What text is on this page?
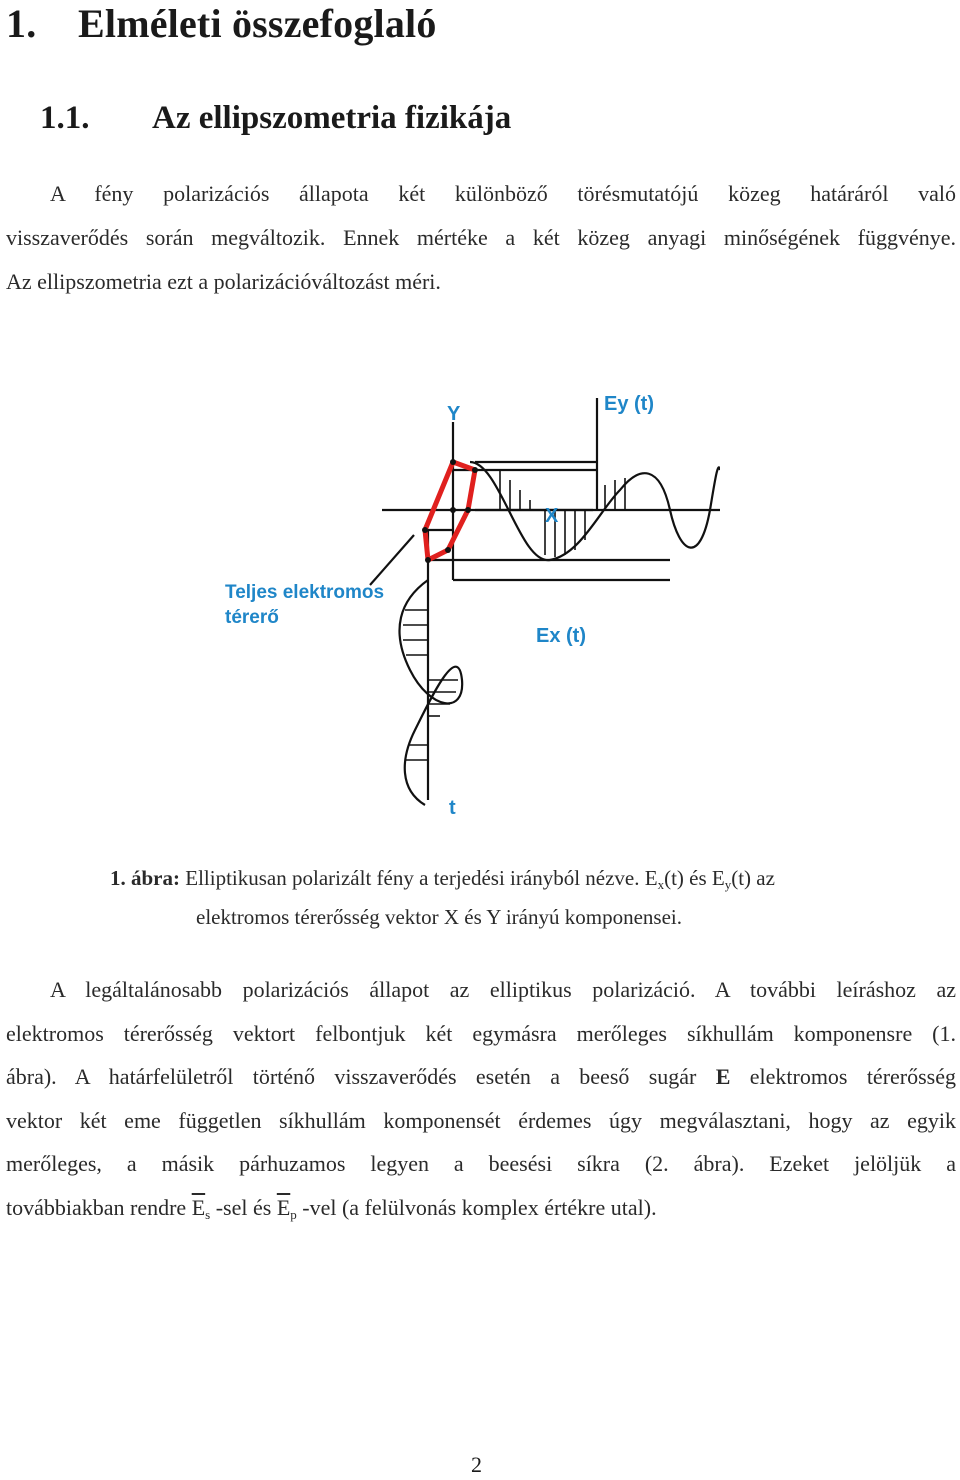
1. Elméleti összefoglaló
1.1. Az ellipszometria fizikája

A fény polarizációs állapota két különböző törésmutatójú közeg határáról való
visszaverődés során megváltozik. Ennek mértéke a két közeg anyagi minőségének függvénye.
Az ellipszometria ezt a polarizációváltozást méri.

Y	Ey (t)
X
Teljes elektromos
térerő
Ex (t)
t

1. ábra: Elliptikusan polarizált fény a terjedési irányból nézve. $E_x(t)$ és $E_y(t)$ az
elektromos térerősség vektor X és Y irányú komponensei.

A legáltalánosabb polarizációs állapot az elliptikus polarizáció. A további leíráshoz az
elektromos térerősség vektort felbontjuk két egymásra merőleges síkhullám komponensre (1.
ábra). A határfelületről történő visszaverődés esetén a beeső sugár E elektromos térerősség
vektor két eme független síkhullám komponensét érdemes úgy megválasztani, hogy az egyik
merőleges, a másik párhuzamos legyen a beesési síkra (2. ábra). Ezeket jelöljük a
továbbiakban rendre $\overline{E}_s$ -sel és $\overline{E}_p$ -vel (a felülvonás komplex értékre utal).

2
